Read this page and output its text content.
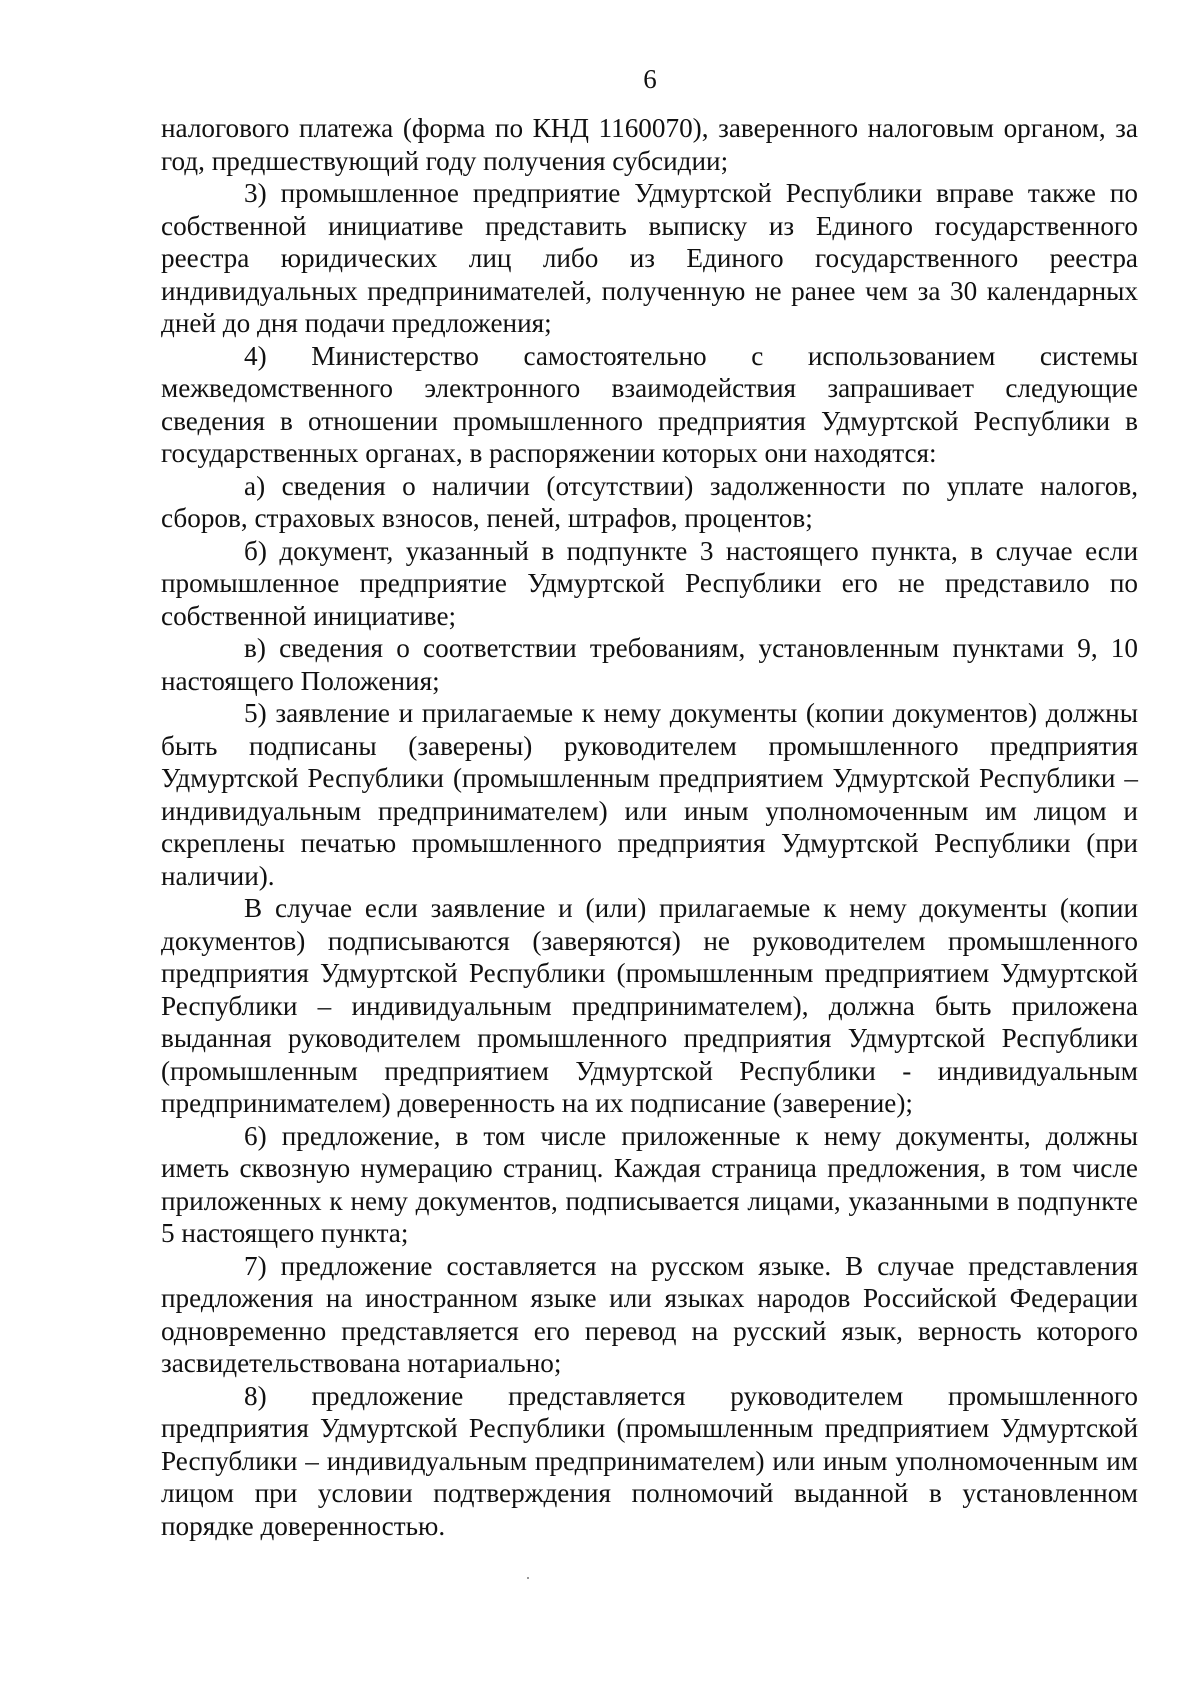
6

налогового платежа (форма по КНД 1160070), заверенного налоговым органом, за год, предшествующий году получения субсидии;

3) промышленное предприятие Удмуртской Республики вправе также по собственной инициативе представить выписку из Единого государственного реестра юридических лиц либо из Единого государственного реестра индивидуальных предпринимателей, полученную не ранее чем за 30 календарных дней до дня подачи предложения;

4) Министерство самостоятельно с использованием системы межведомственного электронного взаимодействия запрашивает следующие сведения в отношении промышленного предприятия Удмуртской Республики в государственных органах, в распоряжении которых они находятся:

а) сведения о наличии (отсутствии) задолженности по уплате налогов, сборов, страховых взносов, пеней, штрафов, процентов;

б) документ, указанный в подпункте 3 настоящего пункта, в случае если промышленное предприятие Удмуртской Республики его не представило по собственной инициативе;

в) сведения о соответствии требованиям, установленным пунктами 9, 10 настоящего Положения;

5) заявление и прилагаемые к нему документы (копии документов) должны быть подписаны (заверены) руководителем промышленного предприятия Удмуртской Республики (промышленным предприятием Удмуртской Республики – индивидуальным предпринимателем) или иным уполномоченным им лицом и скреплены печатью промышленного предприятия Удмуртской Республики (при наличии).

В случае если заявление и (или) прилагаемые к нему документы (копии документов) подписываются (заверяются) не руководителем промышленного предприятия Удмуртской Республики (промышленным предприятием Удмуртской Республики – индивидуальным предпринимателем), должна быть приложена выданная руководителем промышленного предприятия Удмуртской Республики (промышленным предприятием Удмуртской Республики - индивидуальным предпринимателем) доверенность на их подписание (заверение);

6) предложение, в том числе приложенные к нему документы, должны иметь сквозную нумерацию страниц. Каждая страница предложения, в том числе приложенных к нему документов, подписывается лицами, указанными в подпункте 5 настоящего пункта;

7) предложение составляется на русском языке. В случае представления предложения на иностранном языке или языках народов Российской Федерации одновременно представляется его перевод на русский язык, верность которого засвидетельствована нотариально;

8) предложение представляется руководителем промышленного предприятия Удмуртской Республики (промышленным предприятием Удмуртской Республики – индивидуальным предпринимателем) или иным уполномоченным им лицом при условии подтверждения полномочий выданной в установленном порядке доверенностью.
